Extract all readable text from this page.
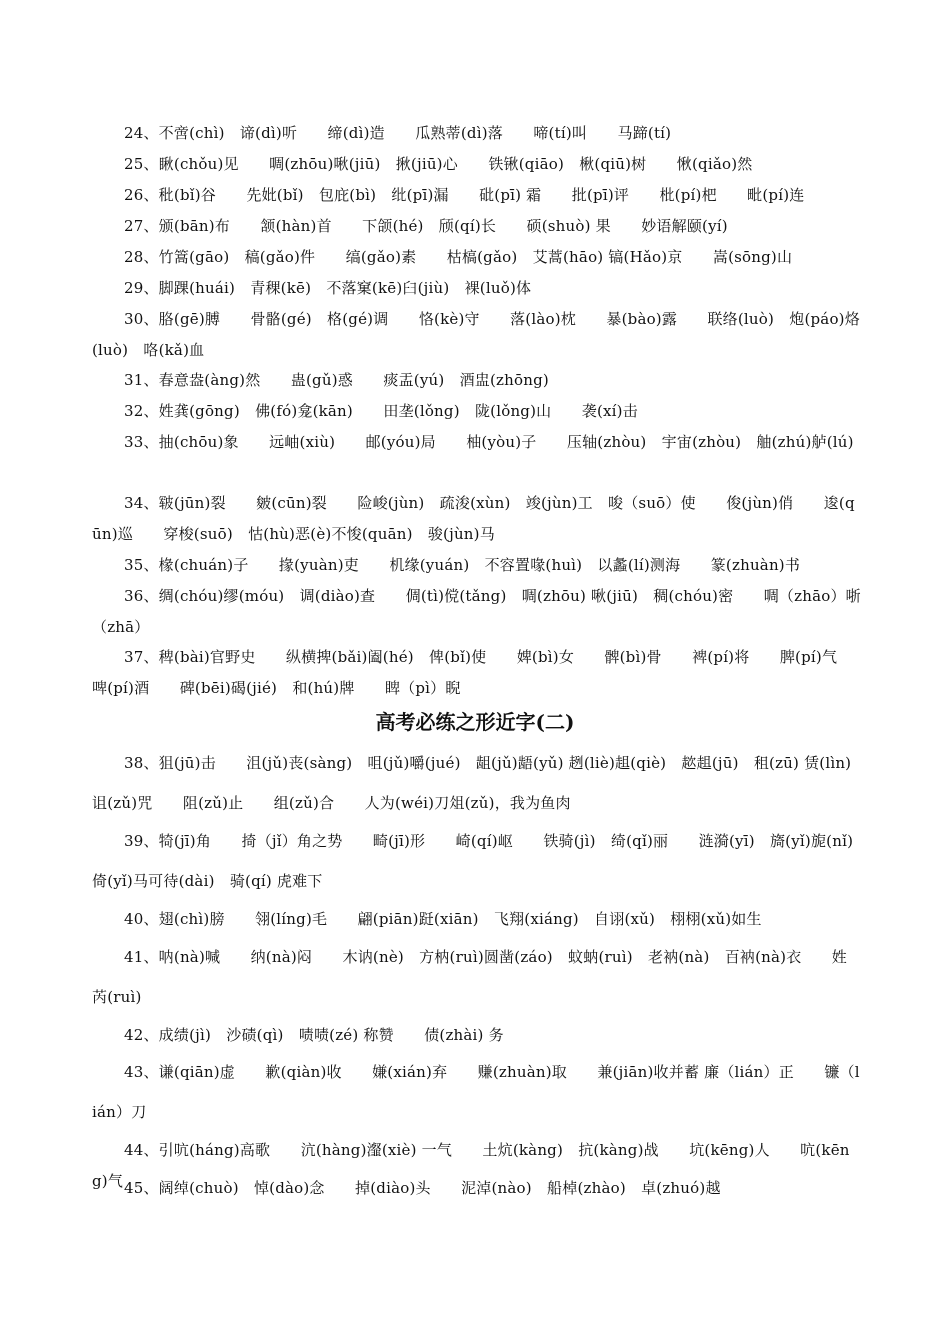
24、不啻(chì)　谛(dì)听　　缔(dì)造　　瓜熟蒂(dì)落　　啼(tí)叫　　马蹄(tí)
25、瞅(chǒu)见　　啁(zhōu)啾(jiū)　揪(jiū)心　　铁锹(qiāo)　楸(qiū)树　　愀(qiǎo)然
26、秕(bǐ)谷　　先妣(bǐ)　包庇(bì)　纰(pī)漏　　砒(pī) 霜　　批(pī)评　　枇(pí)杷　　毗(pí)连
27、颁(bān)布　　颔(hàn)首　　下颌(hé)　颀(qí)长　　硕(shuò) 果　　妙语解颐(yí)
28、竹篙(gāo)　稿(gǎo)件　　缟(gǎo)素　　枯槁(gǎo)　艾蒿(hāo) 镐(Hǎo)京　　嵩(sōng)山
29、脚踝(huái)　青稞(kē)　不落窠(kē)臼(jiù)　裸(luǒ)体
30、胳(gē)膊　　骨骼(gé)　格(gé)调　　恪(kè)守　　落(lào)枕　　暴(bào)露　　联络(luò)　炮(páo)烙(luò)　咯(kǎ)血
31、春意盎(àng)然　　蛊(gǔ)惑　　痰盂(yú)　酒盅(zhōng)
32、姓龚(gōng)　佛(fó)龛(kān)　　田垄(lǒng)　陇(lǒng)山　　袭(xí)击
33、抽(chōu)象　　远岫(xiù)　　邮(yóu)局　　柚(yòu)子　　压轴(zhòu)　宇宙(zhòu)　舳(zhú)舻(lú)
34、皲(jūn)裂　　皴(cūn)裂　　险峻(jùn)　疏浚(xùn)　竣(jùn)工　唆（suō）使　　俊(jùn)俏　　逡(qūn)巡　　穿梭(suō)　怙(hù)恶(è)不悛(quān)　骏(jùn)马
35、椽(chuán)子　　掾(yuàn)吏　　机缘(yuán)　不容置喙(huì)　以蠡(lí)测海　　篆(zhuàn)书
36、绸(chóu)缪(móu)　调(diào)查　　倜(tì)傥(tǎng)　啁(zhōu) 啾(jiū)　稠(chóu)密　　啁（zhāo）哳（zhā）
37、稗(bài)官野史　　纵横捭(bǎi)阖(hé)　俾(bǐ)使　　婢(bì)女　　髀(bì)骨　　裨(pí)将　　脾(pí)气　啤(pí)酒　　碑(bēi)碣(jié)　和(hú)牌　　睥（pì）睨
高考必练之形近字(二)
38、狙(jū)击　　沮(jǔ)丧(sàng)　咀(jǔ)嚼(jué)　龃(jǔ)龉(yǔ) 趔(liè)趄(qiè)　趑趄(jū)　租(zū) 赁(lìn)　诅(zǔ)咒　　阻(zǔ)止　　组(zǔ)合　　人为(wéi)刀俎(zǔ)，我为鱼肉
39、犄(jī)角　　掎（jǐ）角之势　　畸(jī)形　　崎(qí)岖　　铁骑(jì)　绮(qǐ)丽　　涟漪(yī)　旖(yǐ)旎(nǐ)　倚(yǐ)马可待(dài)　骑(qí) 虎难下
40、翅(chì)膀　　翎(líng)毛　　翩(piān)跹(xiān)　飞翔(xiáng)　自诩(xǔ)　栩栩(xǔ)如生
41、呐(nà)喊　　纳(nà)闷　　木讷(nè)　方枘(ruì)圆凿(záo)　蚊蚋(ruì)　老衲(nà)　百衲(nà)衣　　姓芮(ruì)
42、成绩(jì)　沙碛(qì)　啧啧(zé) 称赞　　债(zhài) 务
43、谦(qiān)虚　　歉(qiàn)收　　嫌(xián)弃　　赚(zhuàn)取　　兼(jiān)收并蓄 廉（lián）正　　镰（lián）刀
44、引吭(háng)高歌　　沆(hàng)瀣(xiè) 一气　　土炕(kàng)　抗(kàng)战　　坑(kēng)人　　吭(kēng)气 45、阔绰(chuò)　悼(dào)念　　掉(diào)头　　泥淖(nào)　船棹(zhào)　卓(zhuó)越
